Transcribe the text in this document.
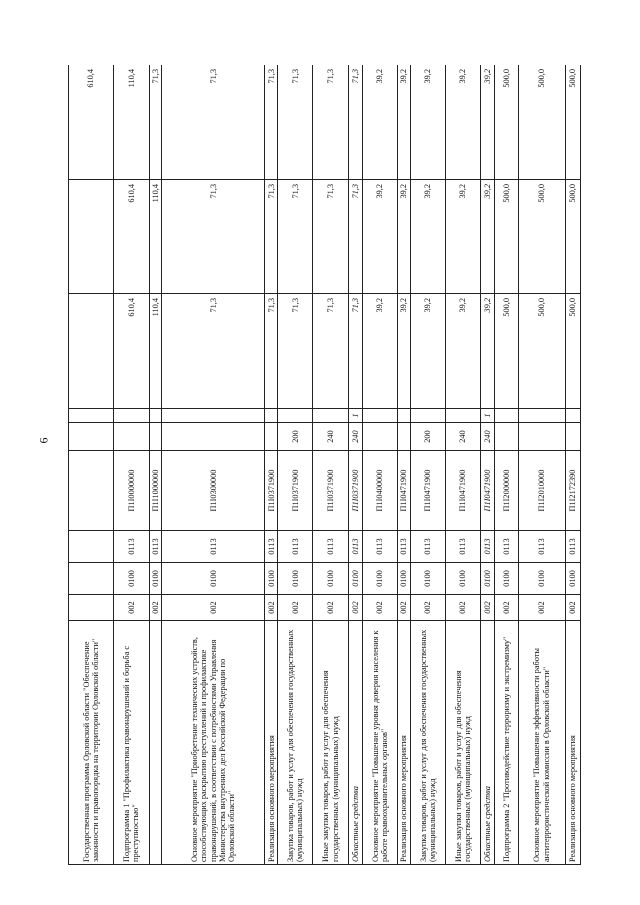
6
Государственная программа Орловской области "Обеспечение законности и правопорядка на территории Орловской области"									610,4
Подпрограмма 1 "Профилактика правонарушений и борьба с преступностью"	002	0100	0113	П1I0000000			610,4	610,4	110,4
	002	0100	0113	П1I1000000			110,4	110,4	71,3
Основное мероприятие "Приобретение технических устройств, способствующих раскрытию преступлений и профилактике правонарушений, в соответствии с потребностями Управления Министерства внутренних дел Российской Федерации по Орловской области"	002	0100	0113	П1I0300000			71,3	71,3	71,3
Реализация основного мероприятия	002	0100	0113	П1I0371900			71,3	71,3	71,3
Закупка товаров, работ и услуг для обеспечения государственных (муниципальных) нужд	002	0100	0113	П1I0371900	200		71,3	71,3	71,3
Иные закупки товаров, работ и услуг для обеспечения государственных (муниципальных) нужд	002	0100	0113	П1I0371900	240		71,3	71,3	71,3
Областные средства	002	0100	0113	П1I0371900	240	1	71,3	71,3	71,3
Основное мероприятие "Повышение уровня доверия населения к работе правоохранительных органов"	002	0100	0113	П1I0400000			39,2	39,2	39,2
Реализация основного мероприятия	002	0100	0113	П1I0471900			39,2	39,2	39,2
Закупка товаров, работ и услуг для обеспечения государственных (муниципальных) нужд	002	0100	0113	П1I0471900	200		39,2	39,2	39,2
Иные закупки товаров, работ и услуг для обеспечения государственных (муниципальных) нужд	002	0100	0113	П1I0471900	240		39,2	39,2	39,2
Областные средства	002	0100	0113	П1I0471900	240	1	39,2	39,2	39,2
Подпрограмма 2 "Противодействие терроризму и экстремизму"	002	0100	0113	П1I2000000			500,0	500,0	500,0
Основное мероприятие "Повышение эффективности работы антитеррористической комиссии в Орловской области"	002	0100	0113	П1I2010000			500,0	500,0	500,0
Реализация основного мероприятия	002	0100	0113	П1I2172390			500,0	500,0	500,0
